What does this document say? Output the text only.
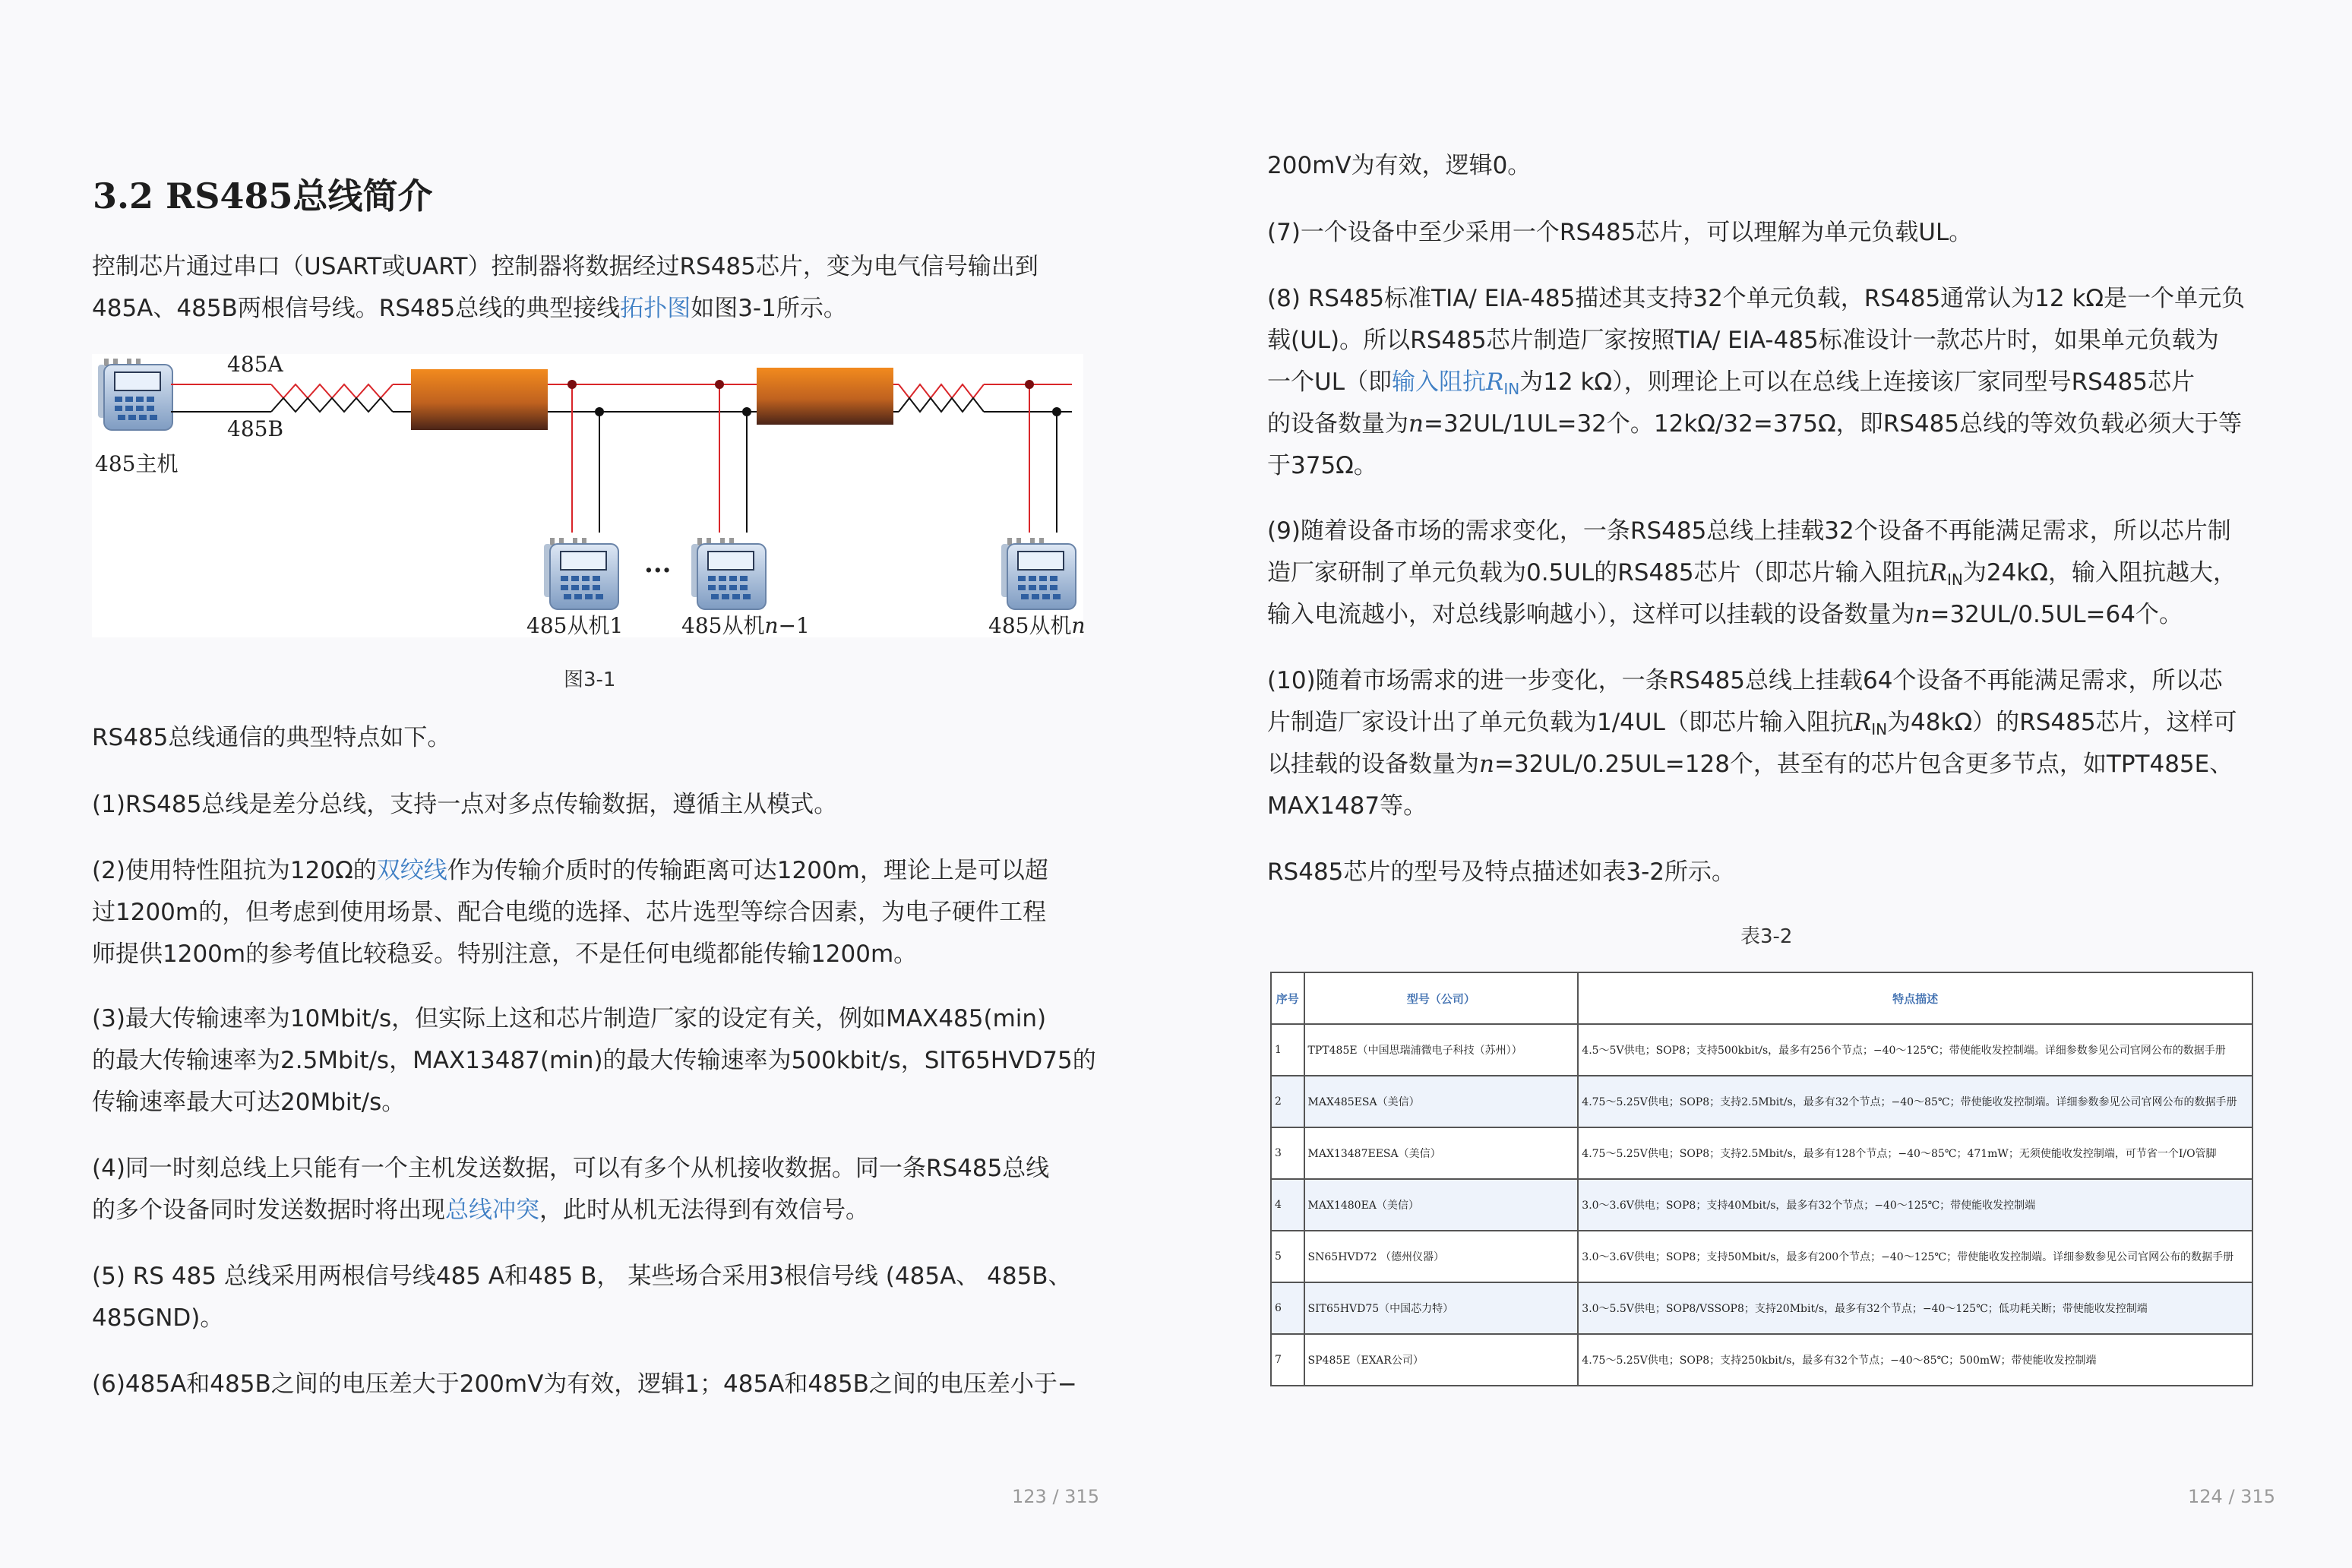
3.2 RS485总线简介

控制芯片通过串口（USART或UART）控制器将数据经过RS485芯片，变为电气信号输出到
485A、485B两根信号线。RS485总线的典型接线拓扑图如图3-1所示。

485A
485B
485主机
485从机1	485从机n−1	485从机n
···
图3-1

RS485总线通信的典型特点如下。

(1)RS485总线是差分总线，支持一点对多点传输数据，遵循主从模式。

(2)使用特性阻抗为120Ω的双绞线作为传输介质时的传输距离可达1200m，理论上是可以超
过1200m的，但考虑到使用场景、配合电缆的选择、芯片选型等综合因素，为电子硬件工程
师提供1200m的参考值比较稳妥。特别注意，不是任何电缆都能传输1200m。

(3)最大传输速率为10Mbit/s，但实际上这和芯片制造厂家的设定有关，例如MAX485(min)
的最大传输速率为2.5Mbit/s，MAX13487(min)的最大传输速率为500kbit/s，SIT65HVD75的
传输速率最大可达20Mbit/s。

(4)同一时刻总线上只能有一个主机发送数据，可以有多个从机接收数据。同一条RS485总线
的多个设备同时发送数据时将出现总线冲突，此时从机无法得到有效信号。

(5) RS 485 总线采用两根信号线485 A和485 B， 某些场合采用3根信号线 (485A、 485B、
485GND)。

(6)485A和485B之间的电压差大于200mV为有效，逻辑1；485A和485B之间的电压差小于−

123 / 315

200mV为有效，逻辑0。

(7)一个设备中至少采用一个RS485芯片，可以理解为单元负载UL。

(8) RS485标准TIA/ EIA-485描述其支持32个单元负载，RS485通常认为12 kΩ是一个单元负
载(UL)。所以RS485芯片制造厂家按照TIA/ EIA-485标准设计一款芯片时，如果单元负载为
一个UL（即输入阻抗$R_{IN}$为12 kΩ），则理论上可以在总线上连接该厂家同型号RS485芯片
的设备数量为n=32UL/1UL=32个。12kΩ/32=375Ω，即RS485总线的等效负载必须大于等
于375Ω。

(9)随着设备市场的需求变化，一条RS485总线上挂载32个设备不再能满足需求，所以芯片制
造厂家研制了单元负载为0.5UL的RS485芯片（即芯片输入阻抗$R_{IN}$为24kΩ，输入阻抗越大，
输入电流越小，对总线影响越小），这样可以挂载的设备数量为n=32UL/0.5UL=64个。

(10)随着市场需求的进一步变化，一条RS485总线上挂载64个设备不再能满足需求，所以芯
片制造厂家设计出了单元负载为1/4UL（即芯片输入阻抗$R_{IN}$为48kΩ）的RS485芯片，这样可
以挂载的设备数量为n=32UL/0.25UL=128个，甚至有的芯片包含更多节点，如TPT485E、
MAX1487等。

RS485芯片的型号及特点描述如表3-2所示。

表3-2
序号	型号（公司）	特点描述
1	TPT485E（中国思瑞浦微电子科技（苏州））	4.5～5V供电；SOP8；支持500kbit/s，最多有256个节点；−40～125℃；带使能收发控制端。详细参数参见公司官网公布的数据手册
2	MAX485ESA（美信）	4.75～5.25V供电；SOP8；支持2.5Mbit/s，最多有32个节点；−40～85℃；带使能收发控制端。详细参数参见公司官网公布的数据手册
3	MAX13487EESA（美信）	4.75～5.25V供电；SOP8；支持2.5Mbit/s，最多有128个节点；−40～85℃；471mW；无须使能收发控制端，可节省一个I/O管脚
4	MAX1480EA（美信）	3.0～3.6V供电；SOP8；支持40Mbit/s，最多有32个节点；−40～125℃；带使能收发控制端
5	SN65HVD72 （德州仪器）	3.0～3.6V供电；SOP8；支持50Mbit/s，最多有200个节点；−40～125℃；带使能收发控制端。详细参数参见公司官网公布的数据手册
6	SIT65HVD75（中国芯力特）	3.0～5.5V供电；SOP8/VSSOP8；支持20Mbit/s，最多有32个节点；−40～125℃；低功耗关断；带使能收发控制端
7	SP485E（EXAR公司）	4.75～5.25V供电；SOP8；支持250kbit/s，最多有32个节点；−40～85℃；500mW；带使能收发控制端
124 / 315
